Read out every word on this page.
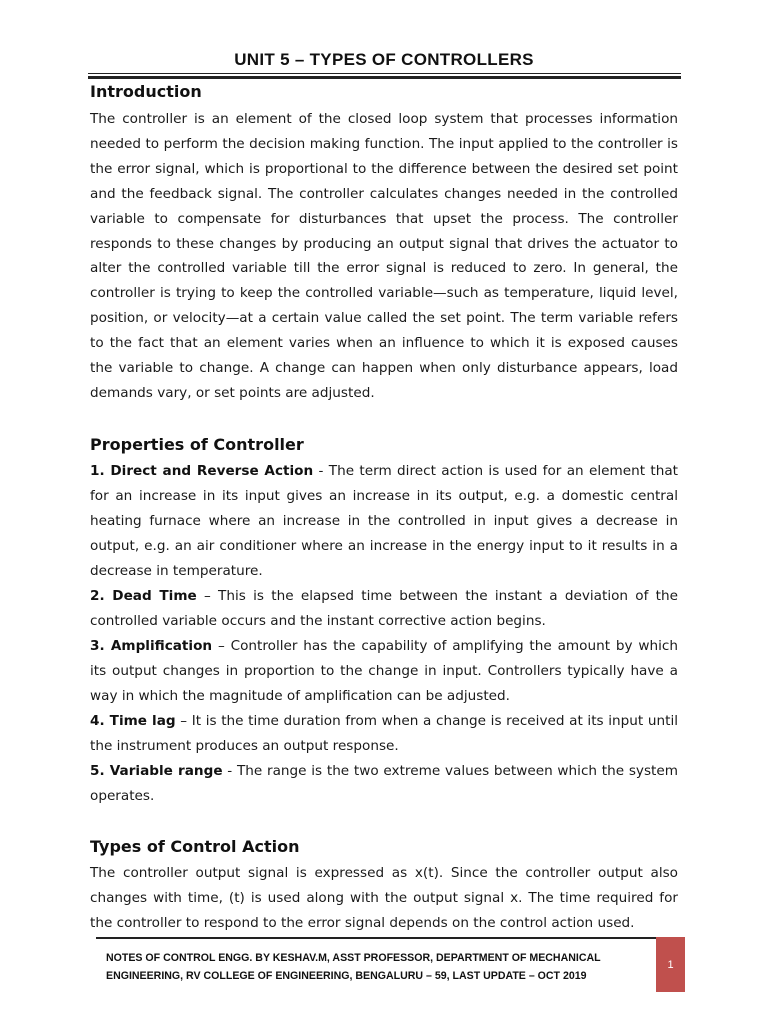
UNIT 5 – TYPES OF CONTROLLERS
Introduction
The controller is an element of the closed loop system that processes information needed to perform the decision making function. The input applied to the controller is the error signal, which is proportional to the difference between the desired set point and the feedback signal. The controller calculates changes needed in the controlled variable to compensate for disturbances that upset the process. The controller responds to these changes by producing an output signal that drives the actuator to alter the controlled variable till the error signal is reduced to zero. In general, the controller is trying to keep the controlled variable—such as temperature, liquid level, position, or velocity—at a certain value called the set point. The term variable refers to the fact that an element varies when an influence to which it is exposed causes the variable to change. A change can happen when only disturbance appears, load demands vary, or set points are adjusted.
Properties of Controller
1. Direct and Reverse Action - The term direct action is used for an element that for an increase in its input gives an increase in its output, e.g. a domestic central heating furnace where an increase in the controlled in input gives a decrease in output, e.g. an air conditioner where an increase in the energy input to it results in a decrease in temperature.
2. Dead Time – This is the elapsed time between the instant a deviation of the controlled variable occurs and the instant corrective action begins.
3. Amplification – Controller has the capability of amplifying the amount by which its output changes in proportion to the change in input. Controllers typically have a way in which the magnitude of amplification can be adjusted.
4. Time lag – It is the time duration from when a change is received at its input until the instrument produces an output response.
5. Variable range - The range is the two extreme values between which the system operates.
Types of Control Action
The controller output signal is expressed as x(t). Since the controller output also changes with time, (t) is used along with the output signal x. The time required for the controller to respond to the error signal depends on the control action used.
NOTES OF CONTROL ENGG. BY KESHAV.M, ASST PROFESSOR, DEPARTMENT OF MECHANICAL
ENGINEERING, RV COLLEGE OF ENGINEERING, BENGALURU – 59, LAST UPDATE – OCT 2019
1
